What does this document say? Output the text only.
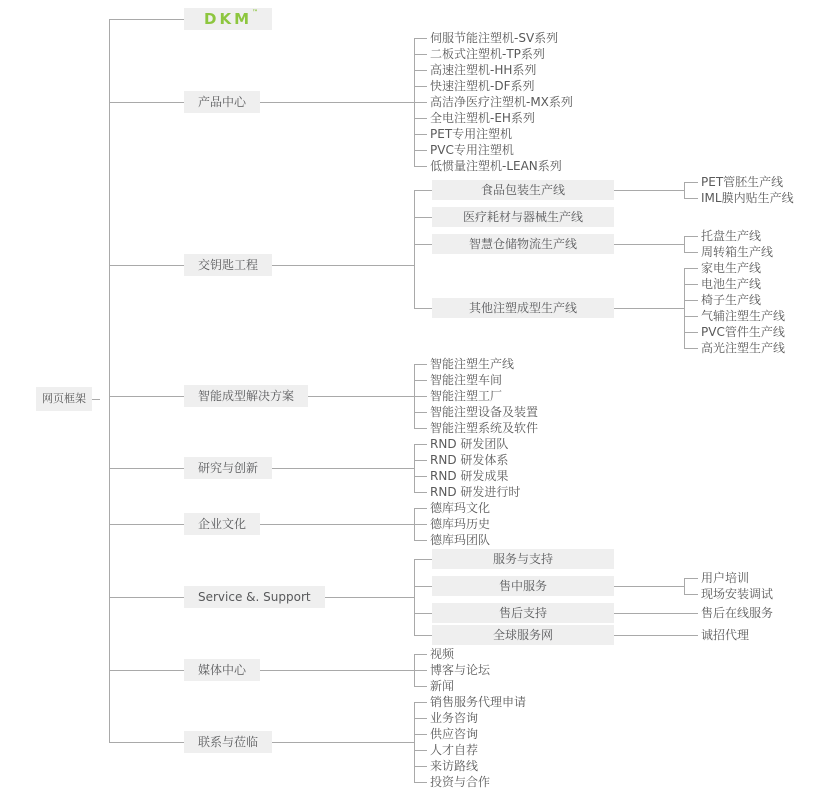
网页框架
DKM™
产品中心
伺服节能注塑机-SV系列
二板式注塑机-TP系列
高速注塑机-HH系列
快速注塑机-DF系列
高洁净医疗注塑机-MX系列
全电注塑机-EH系列
PET专用注塑机
PVC专用注塑机
低惯量注塑机-LEAN系列
交钥匙工程
食品包装生产线
PET管胚生产线
IML膜内贴生产线
医疗耗材与器械生产线
智慧仓储物流生产线
托盘生产线
周转箱生产线
其他注塑成型生产线
家电生产线
电池生产线
椅子生产线
气辅注塑生产线
PVC管件生产线
高光注塑生产线
智能成型解决方案
智能注塑生产线
智能注塑车间
智能注塑工厂
智能注塑设备及装置
智能注塑系统及软件
研究与创新
RND 研发团队
RND 研发体系
RND 研发成果
RND 研发进行时
企业文化
德库玛文化
德库玛历史
德库玛团队
Service &. Support
服务与支持
售中服务
用户培训
现场安装调试
售后支持	售后在线服务
全球服务网	诚招代理
媒体中心
视频
博客与论坛
新闻
联系与莅临
销售服务代理申请
业务咨询
供应咨询
人才自荐
来访路线
投资与合作
